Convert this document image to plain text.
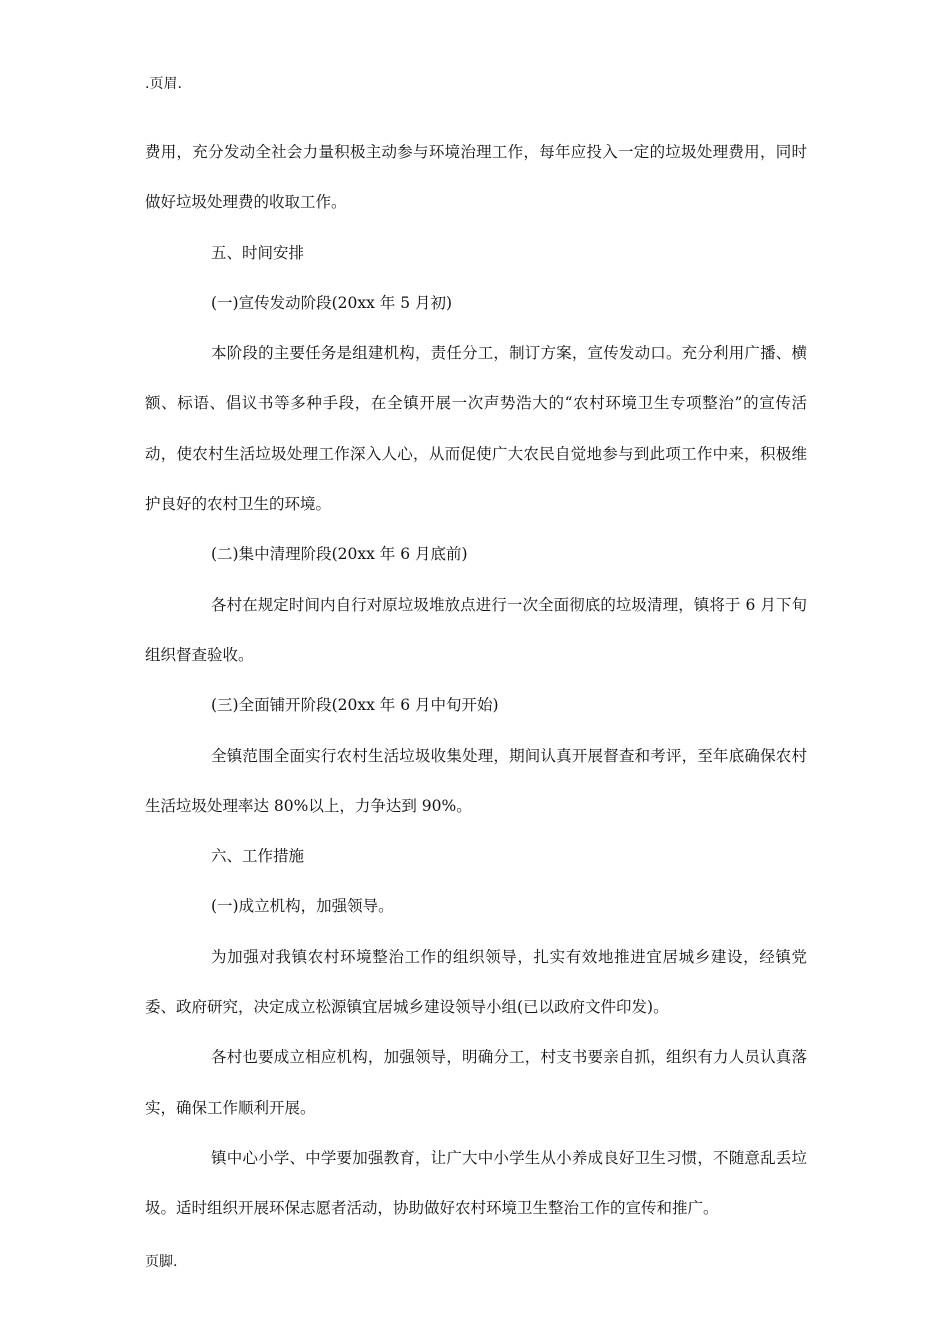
.页眉.

费用，充分发动全社会力量积极主动参与环境治理工作，每年应投入一定的垃圾处理费用，同时做好垃圾处理费的收取工作。

五、时间安排

(一)宣传发动阶段(20xx 年 5 月初)

本阶段的主要任务是组建机构，责任分工，制订方案，宣传发动口。充分利用广播、横额、标语、倡议书等多种手段，在全镇开展一次声势浩大的“农村环境卫生专项整治”的宣传活动，使农村生活垃圾处理工作深入人心，从而促使广大农民自觉地参与到此项工作中来，积极维护良好的农村卫生的环境。

(二)集中清理阶段(20xx 年 6 月底前)

各村在规定时间内自行对原垃圾堆放点进行一次全面彻底的垃圾清理，镇将于 6 月下旬组织督查验收。

(三)全面铺开阶段(20xx 年 6 月中旬开始)

全镇范围全面实行农村生活垃圾收集处理，期间认真开展督查和考评，至年底确保农村生活垃圾处理率达 80%以上，力争达到 90%。

六、工作措施

(一)成立机构，加强领导。

为加强对我镇农村环境整治工作的组织领导，扎实有效地推进宜居城乡建设，经镇党委、政府研究，决定成立松源镇宜居城乡建设领导小组(已以政府文件印发)。

各村也要成立相应机构，加强领导，明确分工，村支书要亲自抓，组织有力人员认真落实，确保工作顺利开展。

镇中心小学、中学要加强教育，让广大中小学生从小养成良好卫生习惯，不随意乱丢垃圾。适时组织开展环保志愿者活动，协助做好农村环境卫生整治工作的宣传和推广。

页脚.
